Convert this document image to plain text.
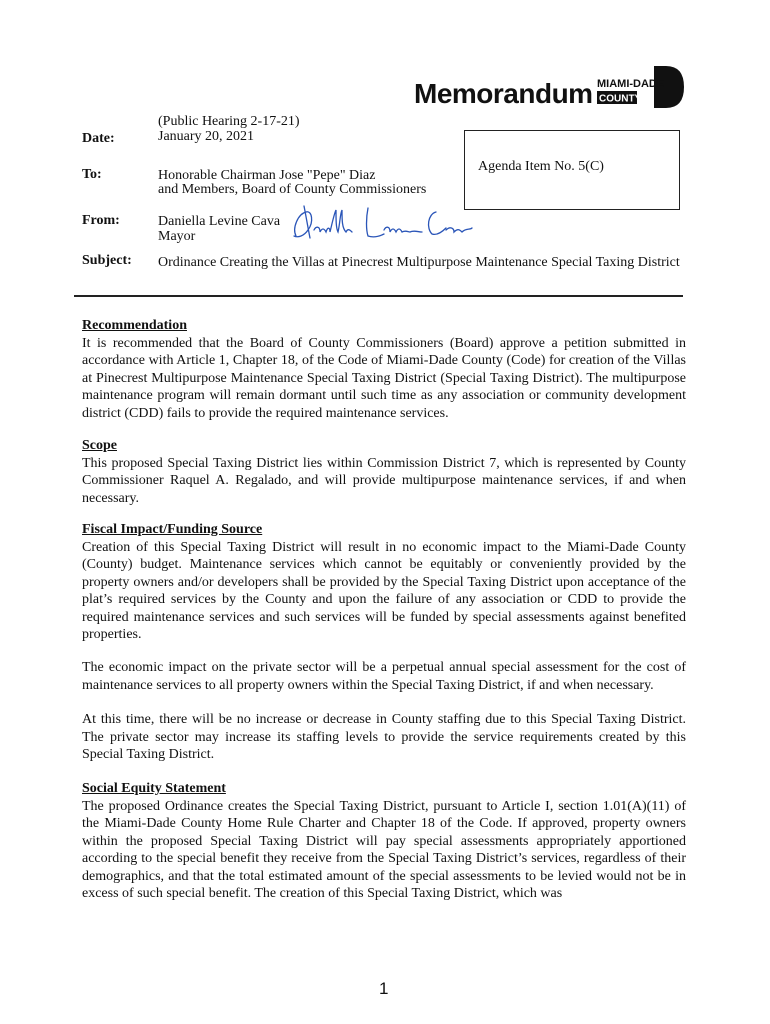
Memorandum MIAMI-DADE
COUNTY
(Public Hearing 2-17-21)
Date:	January 20, 2021
To:	Honorable Chairman Jose "Pepe" Diaz
and Members, Board of County Commissioners
Agenda Item No. 5(C)
From:	Daniella Levine Cava
Mayor
Subject: Ordinance Creating the Villas at Pinecrest Multipurpose Maintenance Special Taxing District
Recommendation

It is recommended that the Board of County Commissioners (Board) approve a petition submitted in accordance with Article 1, Chapter 18, of the Code of Miami-Dade County (Code) for creation of the Villas at Pinecrest Multipurpose Maintenance Special Taxing District (Special Taxing District). The multipurpose maintenance program will remain dormant until such time as any association or community development district (CDD) fails to provide the required maintenance services.

Scope

This proposed Special Taxing District lies within Commission District 7, which is represented by County Commissioner Raquel A. Regalado, and will provide multipurpose maintenance services, if and when necessary.

Fiscal Impact/Funding Source

Creation of this Special Taxing District will result in no economic impact to the Miami-Dade County (County) budget. Maintenance services which cannot be equitably or conveniently provided by the property owners and/or developers shall be provided by the Special Taxing District upon acceptance of the plat’s required services by the County and upon the failure of any association or CDD to provide the required maintenance services and such services will be funded by special assessments against benefited properties.

The economic impact on the private sector will be a perpetual annual special assessment for the cost of maintenance services to all property owners within the Special Taxing District, if and when necessary.

At this time, there will be no increase or decrease in County staffing due to this Special Taxing District. The private sector may increase its staffing levels to provide the service requirements created by this Special Taxing District.

Social Equity Statement

The proposed Ordinance creates the Special Taxing District, pursuant to Article I, section 1.01(A)(11) of the Miami-Dade County Home Rule Charter and Chapter 18 of the Code. If approved, property owners within the proposed Special Taxing District will pay special assessments appropriately apportioned according to the special benefit they receive from the Special Taxing District’s services, regardless of their demographics, and that the total estimated amount of the special assessments to be levied would not be in excess of such special benefit. The creation of this Special Taxing District, which was

1
